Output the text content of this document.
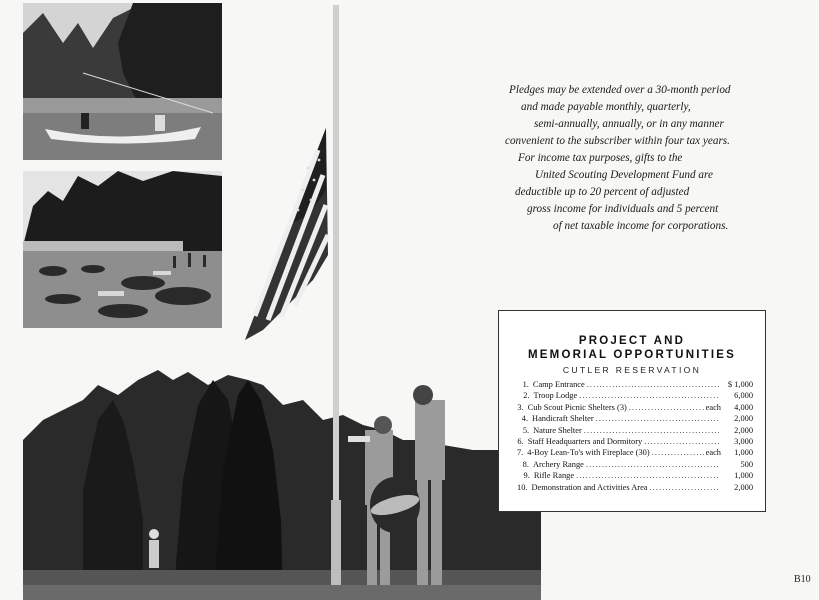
Pledges may be extended over a 30-month period
and made payable monthly, quarterly,
semi-annually, annually, or in any manner
convenient to the subscriber within four tax years.
For income tax purposes, gifts to the
United Scouting Development Fund are
deductible up to 20 percent of adjusted
gross income for individuals and 5 percent
of net taxable income for corporations.
PROJECT AND
MEMORIAL OPPORTUNITIES
CUTLER RESERVATION
1. Camp Entrance . . .	$ 1,000
2. Troop Lodge . . .	6,000
3. Cub Scout Picnic Shelters (3) . . .	each	4,000
4. Handicraft Shelter . . .	2,000
5. Nature Shelter . . .	2,000
6. Staff Headquarters and Dormitory . . .	3,000
7. 4-Boy Lean-To's with Fireplace (30) . . .	each	1,000
8. Archery Range . . .	500
9. Rifle Range . . .	1,000
10. Demonstration and Activities Area . . .	2,000
B10
